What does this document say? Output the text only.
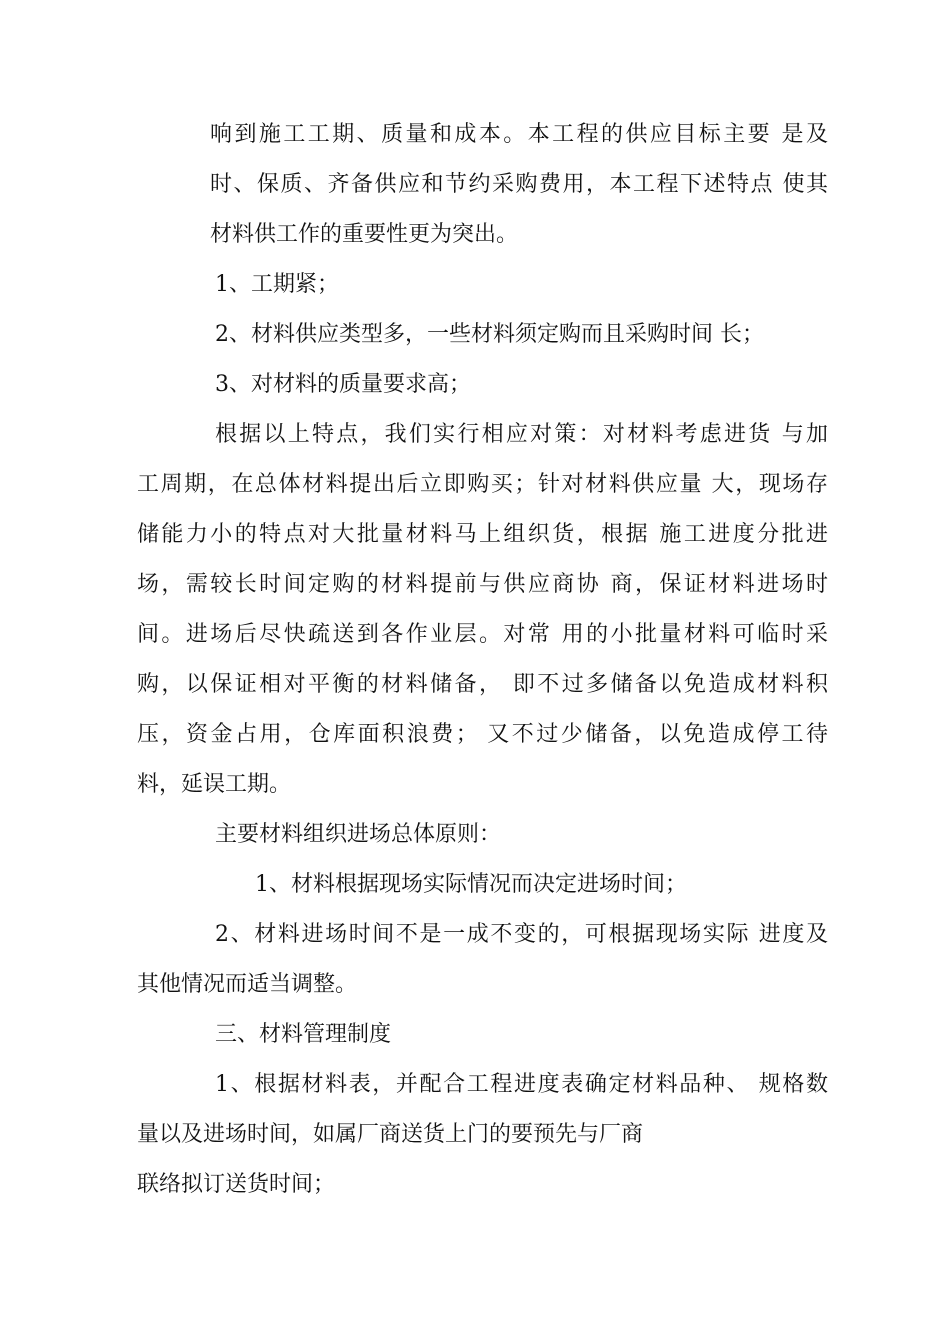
响到施工工期、质量和成本。本工程的供应目标主要 是及
时、保质、齐备供应和节约采购费用，本工程下述特点 使其
材料供工作的重要性更为突出。
1、工期紧；
2、材料供应类型多，一些材料须定购而且采购时间 长；
3、对材料的质量要求高；
根据以上特点，我们实行相应对策：对材料考虑进货 与加
工周期，在总体材料提出后立即购买；针对材料供应量 大，现场存
储能力小的特点对大批量材料马上组织货，根据 施工进度分批进
场，需较长时间定购的材料提前与供应商协 商，保证材料进场时
间。进场后尽快疏送到各作业层。对常 用的小批量材料可临时采
购，以保证相对平衡的材料储备， 即不过多储备以免造成材料积
压，资金占用，仓库面积浪费； 又不过少储备，以免造成停工待
料，延误工期。
主要材料组织进场总体原则：
1、材料根据现场实际情况而决定进场时间；
2、材料进场时间不是一成不变的，可根据现场实际 进度及
其他情况而适当调整。
三、材料管理制度
1、根据材料表，并配合工程进度表确定材料品种、 规格数
量以及进场时间，如属厂商送货上门的要预先与厂商
联络拟订送货时间；
